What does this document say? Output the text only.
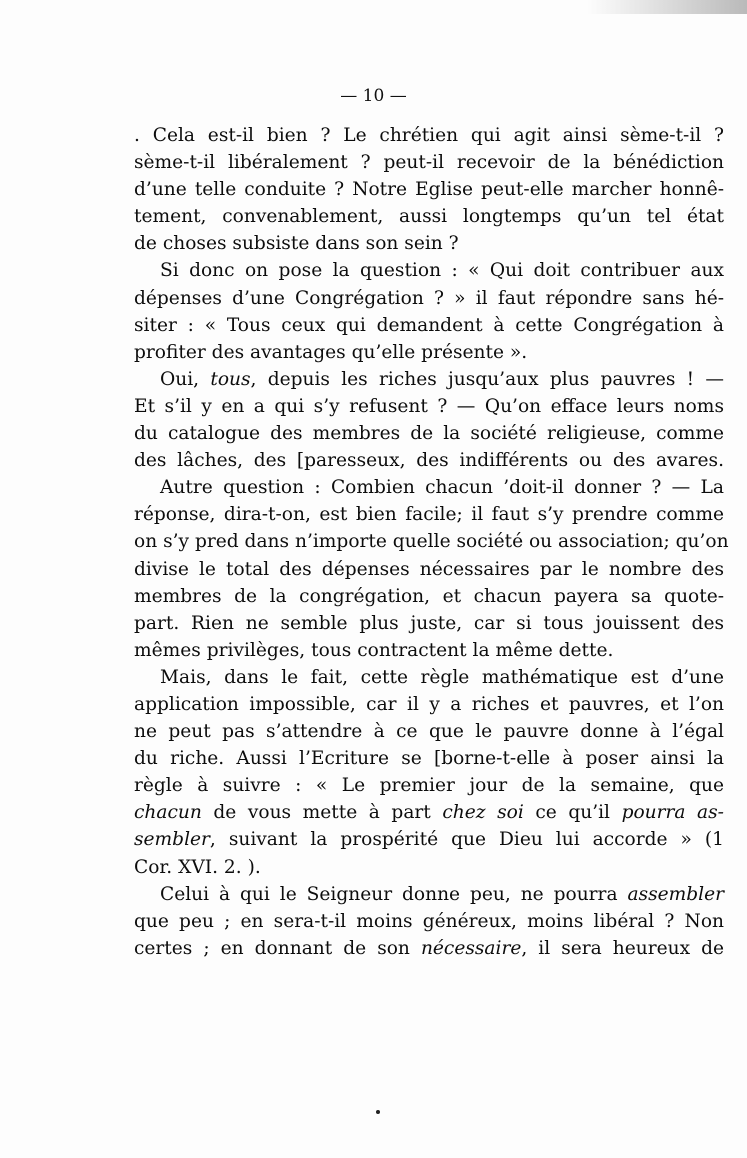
— 10 —
. Cela est-il bien ? Le chrétien qui agit ainsi sème-t-il ?
sème-t-il libéralement ? peut-il recevoir de la bénédiction
d’une telle conduite ? Notre Eglise peut-elle marcher honnê-
tement, convenablement, aussi longtemps qu’un tel état
de choses subsiste dans son sein ?
Si donc on pose la question : « Qui doit contribuer aux
dépenses d’une Congrégation ? » il faut répondre sans hé-
siter : « Tous ceux qui demandent à cette Congrégation à
profiter des avantages qu’elle présente ».
Oui, tous, depuis les riches jusqu’aux plus pauvres ! —
Et s’il y en a qui s’y refusent ? — Qu’on efface leurs noms
du catalogue des membres de la société religieuse, comme
des lâches, des [paresseux, des indifférents ou des avares.
Autre question : Combien chacun ’doit-il donner ? — La
réponse, dira-t-on, est bien facile; il faut s’y prendre comme
on s’y pred dans n’importe quelle société ou association; qu’on
divise le total des dépenses nécessaires par le nombre des
membres de la congrégation, et chacun payera sa quote-
part. Rien ne semble plus juste, car si tous jouissent des
mêmes privilèges, tous contractent la même dette.
Mais, dans le fait, cette règle mathématique est d’une
application impossible, car il y a riches et pauvres, et l’on
ne peut pas s’attendre à ce que le pauvre donne à l’égal
du riche. Aussi l’Ecriture se [borne-t-elle à poser ainsi la
règle à suivre : « Le premier jour de la semaine, que
chacun de vous mette à part chez soi ce qu’il pourra as-
sembler, suivant la prospérité que Dieu lui accorde » (1
Cor. XVI. 2. ).
Celui à qui le Seigneur donne peu, ne pourra assembler
que peu ; en sera-t-il moins généreux, moins libéral ? Non
certes ; en donnant de son nécessaire, il sera heureux de
